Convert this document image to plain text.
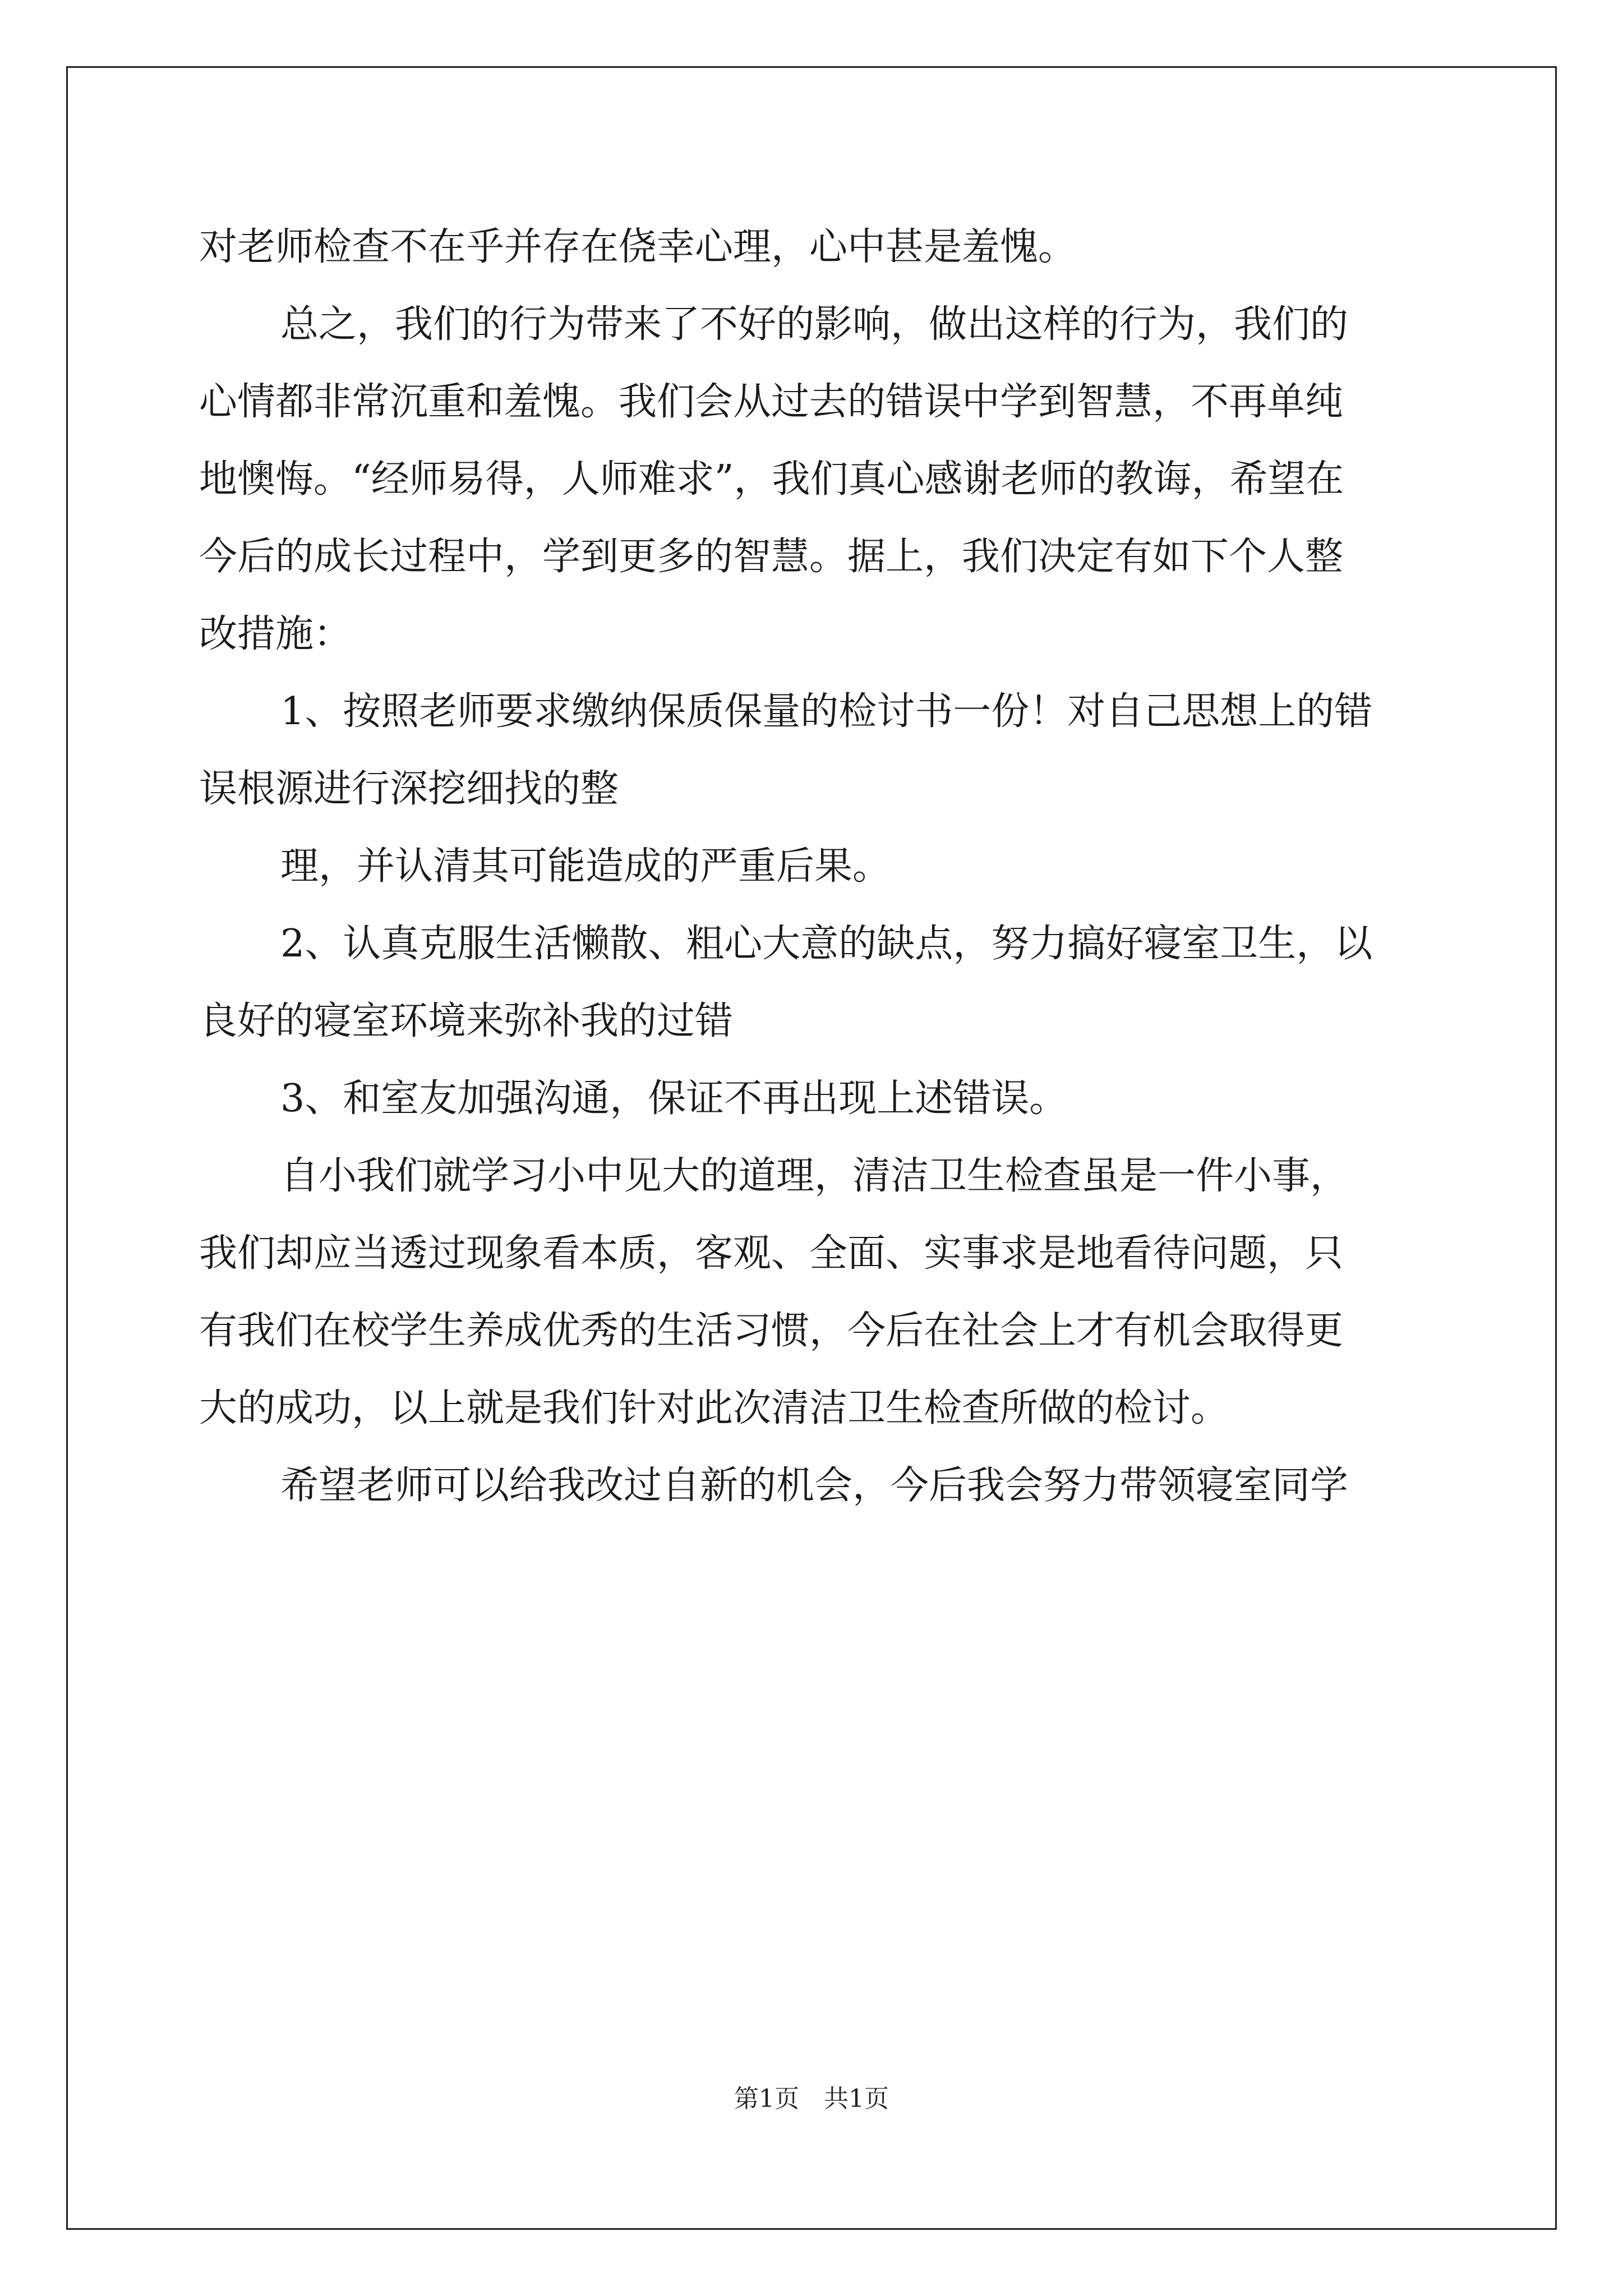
对老师检查不在乎并存在侥幸心理，心中甚是羞愧。
总之，我们的行为带来了不好的影响，做出这样的行为，我们的
心情都非常沉重和羞愧。我们会从过去的错误中学到智慧，不再单纯
地懊悔。“经师易得，人师难求”，我们真心感谢老师的教诲，希望在
今后的成长过程中，学到更多的智慧。据上，我们决定有如下个人整
改措施：
1、按照老师要求缴纳保质保量的检讨书一份！对自己思想上的错
误根源进行深挖细找的整
理，并认清其可能造成的严重后果。
2、认真克服生活懒散、粗心大意的缺点，努力搞好寝室卫生，以
良好的寝室环境来弥补我的过错
3、和室友加强沟通，保证不再出现上述错误。
自小我们就学习小中见大的道理，清洁卫生检查虽是一件小事，
我们却应当透过现象看本质，客观、全面、实事求是地看待问题，只
有我们在校学生养成优秀的生活习惯，今后在社会上才有机会取得更
大的成功，以上就是我们针对此次清洁卫生检查所做的检讨。
希望老师可以给我改过自新的机会，今后我会努力带领寝室同学
第1页　共1页
